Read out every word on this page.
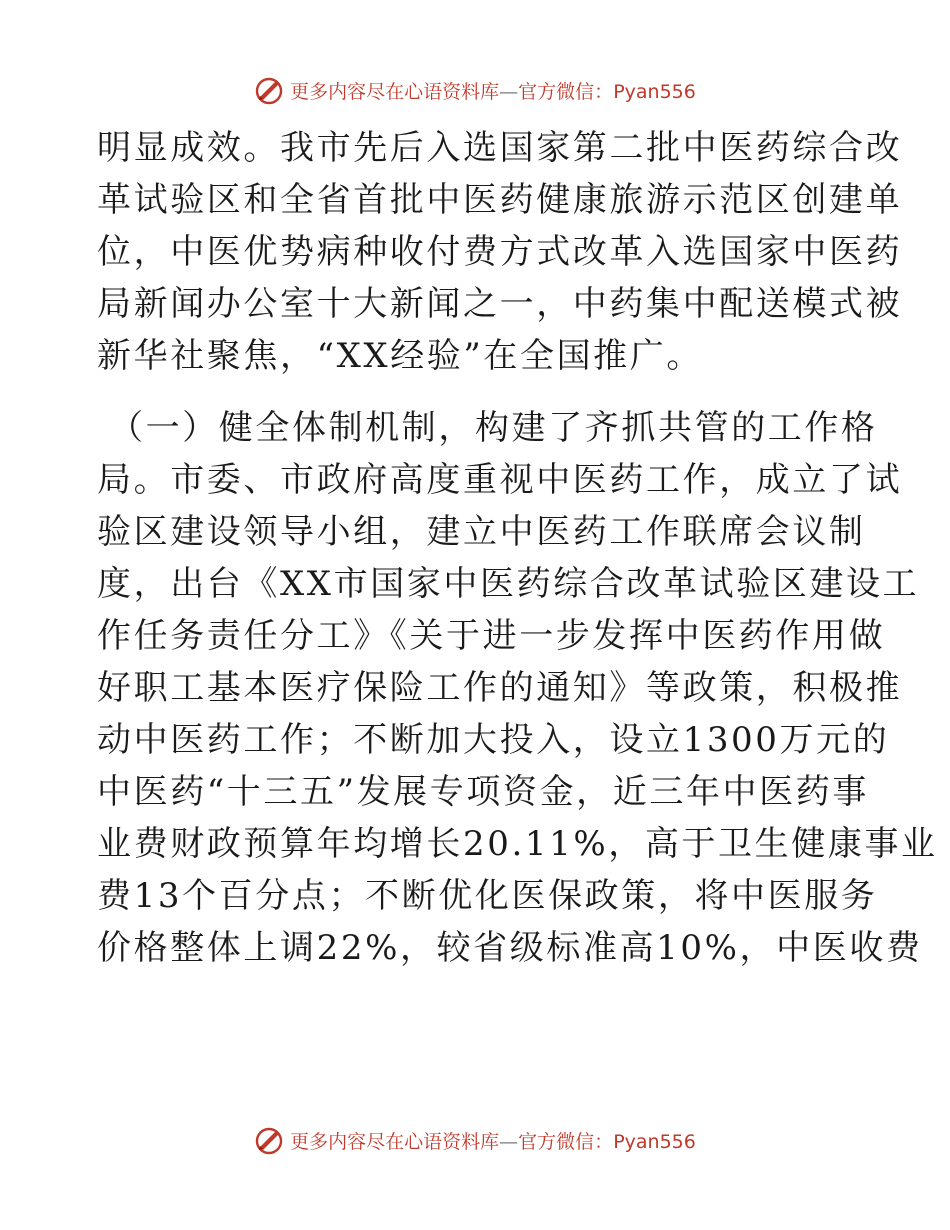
更多内容尽在心语资料库—官方微信：Pyan556
明显成效。我市先后入选国家第二批中医药综合改
革试验区和全省首批中医药健康旅游示范区创建单
位，中医优势病种收付费方式改革入选国家中医药
局新闻办公室十大新闻之一，中药集中配送模式被
新华社聚焦，“XX经验”在全国推广。
（一）健全体制机制，构建了齐抓共管的工作格
局。市委、市政府高度重视中医药工作，成立了试
验区建设领导小组，建立中医药工作联席会议制
度，出台《XX市国家中医药综合改革试验区建设工
作任务责任分工》《关于进一步发挥中医药作用做
好职工基本医疗保险工作的通知》等政策，积极推
动中医药工作；不断加大投入，设立1300万元的
中医药“十三五”发展专项资金，近三年中医药事
业费财政预算年均增长20.11%，高于卫生健康事业
费13个百分点；不断优化医保政策，将中医服务
价格整体上调22%，较省级标准高10%，中医收费
更多内容尽在心语资料库—官方微信：Pyan556
